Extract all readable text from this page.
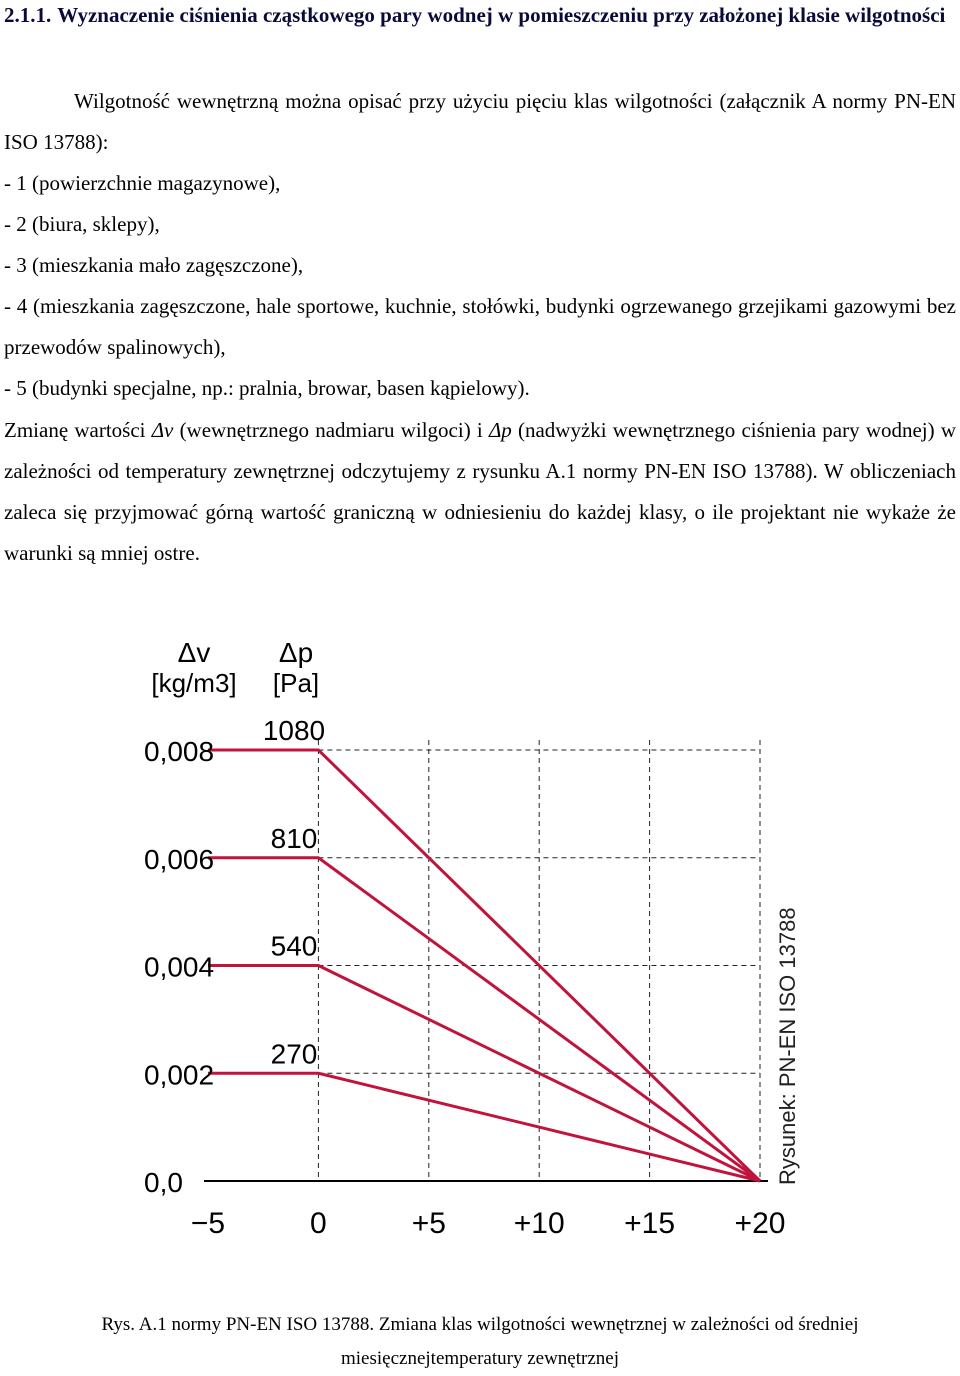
2.1.1. Wyznaczenie ciśnienia cząstkowego pary wodnej w pomieszczeniu przy założonej klasie wilgotności
Wilgotność wewnętrzną można opisać przy użyciu pięciu klas wilgotności (załącznik A normy PN-EN ISO 13788):
- 1 (powierzchnie magazynowe),
- 2 (biura, sklepy),
- 3 (mieszkania mało zagęszczone),
- 4 (mieszkania zagęszczone, hale sportowe, kuchnie, stołówki, budynki ogrzewanego grzejikami gazowymi bez przewodów spalinowych),
- 5 (budynki specjalne, np.: pralnia, browar, basen kąpielowy).
Zmianę wartości Δv (wewnętrznego nadmiaru wilgoci) i Δp (nadwyżki wewnętrznego ciśnienia pary wodnej) w zależności od temperatury zewnętrznej odczytujemy z rysunku A.1 normy PN-EN ISO 13788). W obliczeniach zaleca się przyjmować górną wartość graniczną w odniesieniu do każdej klasy, o ile projektant nie wykaże że warunki są mniej ostre.
0,0
0,002
0,004
0,006
0,008
270
540
810
1080
Δv
[kg/m3]
Δp
[Pa]
−5	0	+5 +10 +15 +20
Rysunek: PN-EN ISO 13788
Rys. A.1 normy PN-EN ISO 13788. Zmiana klas wilgotności wewnętrznej w zależności od średniej
miesięcznejtemperatury zewnętrznej
